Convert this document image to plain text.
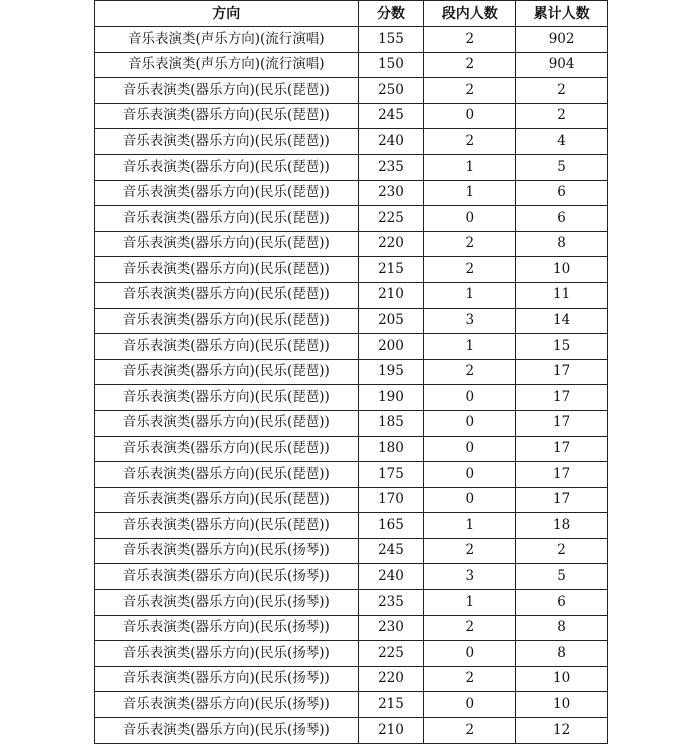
方向	分数	段内人数	累计人数
音乐表演类(声乐方向)(流行演唱)	155	2	902
音乐表演类(声乐方向)(流行演唱)	150	2	904
音乐表演类(器乐方向)(民乐(琵琶))	250	2	2
音乐表演类(器乐方向)(民乐(琵琶))	245	0	2
音乐表演类(器乐方向)(民乐(琵琶))	240	2	4
音乐表演类(器乐方向)(民乐(琵琶))	235	1	5
音乐表演类(器乐方向)(民乐(琵琶))	230	1	6
音乐表演类(器乐方向)(民乐(琵琶))	225	0	6
音乐表演类(器乐方向)(民乐(琵琶))	220	2	8
音乐表演类(器乐方向)(民乐(琵琶))	215	2	10
音乐表演类(器乐方向)(民乐(琵琶))	210	1	11
音乐表演类(器乐方向)(民乐(琵琶))	205	3	14
音乐表演类(器乐方向)(民乐(琵琶))	200	1	15
音乐表演类(器乐方向)(民乐(琵琶))	195	2	17
音乐表演类(器乐方向)(民乐(琵琶))	190	0	17
音乐表演类(器乐方向)(民乐(琵琶))	185	0	17
音乐表演类(器乐方向)(民乐(琵琶))	180	0	17
音乐表演类(器乐方向)(民乐(琵琶))	175	0	17
音乐表演类(器乐方向)(民乐(琵琶))	170	0	17
音乐表演类(器乐方向)(民乐(琵琶))	165	1	18
音乐表演类(器乐方向)(民乐(扬琴))	245	2	2
音乐表演类(器乐方向)(民乐(扬琴))	240	3	5
音乐表演类(器乐方向)(民乐(扬琴))	235	1	6
音乐表演类(器乐方向)(民乐(扬琴))	230	2	8
音乐表演类(器乐方向)(民乐(扬琴))	225	0	8
音乐表演类(器乐方向)(民乐(扬琴))	220	2	10
音乐表演类(器乐方向)(民乐(扬琴))	215	0	10
音乐表演类(器乐方向)(民乐(扬琴))	210	2	12
